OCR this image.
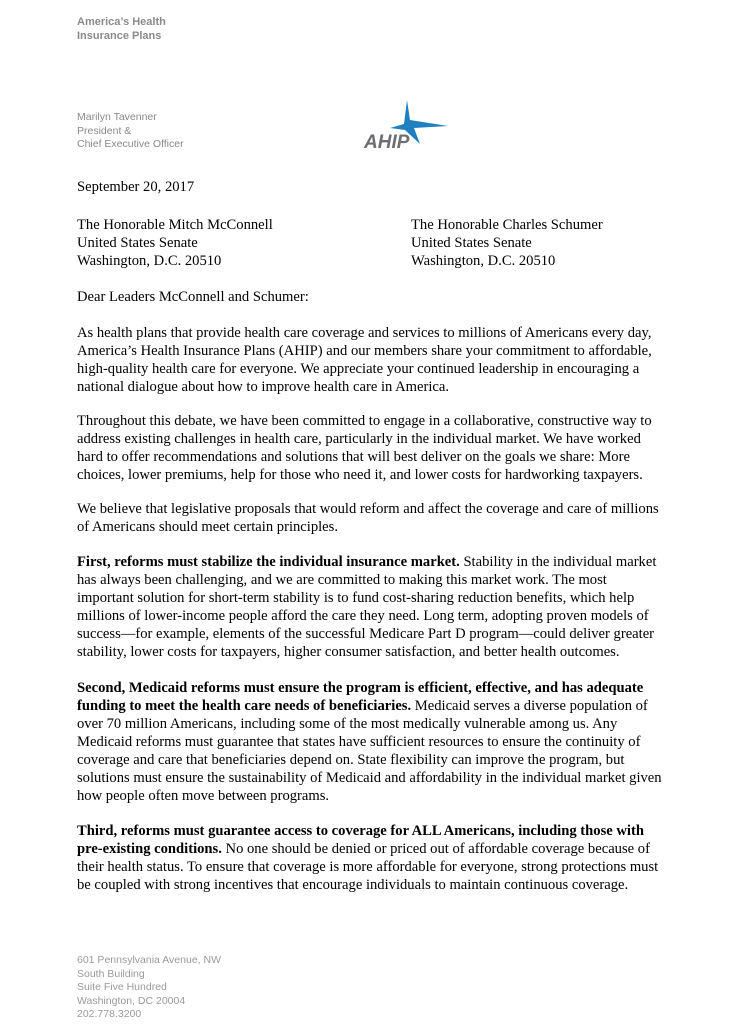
America’s Health
Insurance Plans
Marilyn Tavenner
President &
Chief Executive Officer	AHIP
September 20, 2017
The Honorable Mitch McConnell
United States Senate
Washington, D.C. 20510
The Honorable Charles Schumer
United States Senate
Washington, D.C. 20510
Dear Leaders McConnell and Schumer:
As health plans that provide health care coverage and services to millions of Americans every day,
America’s Health Insurance Plans (AHIP) and our members share your commitment to affordable,
high-quality health care for everyone. We appreciate your continued leadership in encouraging a
national dialogue about how to improve health care in America.
Throughout this debate, we have been committed to engage in a collaborative, constructive way to
address existing challenges in health care, particularly in the individual market. We have worked
hard to offer recommendations and solutions that will best deliver on the goals we share: More
choices, lower premiums, help for those who need it, and lower costs for hardworking taxpayers.
We believe that legislative proposals that would reform and affect the coverage and care of millions
of Americans should meet certain principles.
First, reforms must stabilize the individual insurance market. Stability in the individual market
has always been challenging, and we are committed to making this market work. The most
important solution for short-term stability is to fund cost-sharing reduction benefits, which help
millions of lower-income people afford the care they need. Long term, adopting proven models of
success—for example, elements of the successful Medicare Part D program—could deliver greater
stability, lower costs for taxpayers, higher consumer satisfaction, and better health outcomes.
Second, Medicaid reforms must ensure the program is efficient, effective, and has adequate
funding to meet the health care needs of beneficiaries. Medicaid serves a diverse population of
over 70 million Americans, including some of the most medically vulnerable among us. Any
Medicaid reforms must guarantee that states have sufficient resources to ensure the continuity of
coverage and care that beneficiaries depend on. State flexibility can improve the program, but
solutions must ensure the sustainability of Medicaid and affordability in the individual market given
how people often move between programs.
Third, reforms must guarantee access to coverage for ALL Americans, including those with
pre-existing conditions. No one should be denied or priced out of affordable coverage because of
their health status. To ensure that coverage is more affordable for everyone, strong protections must
be coupled with strong incentives that encourage individuals to maintain continuous coverage.
601 Pennsylvania Avenue, NW
South Building
Suite Five Hundred
Washington, DC 20004
202.778.3200
